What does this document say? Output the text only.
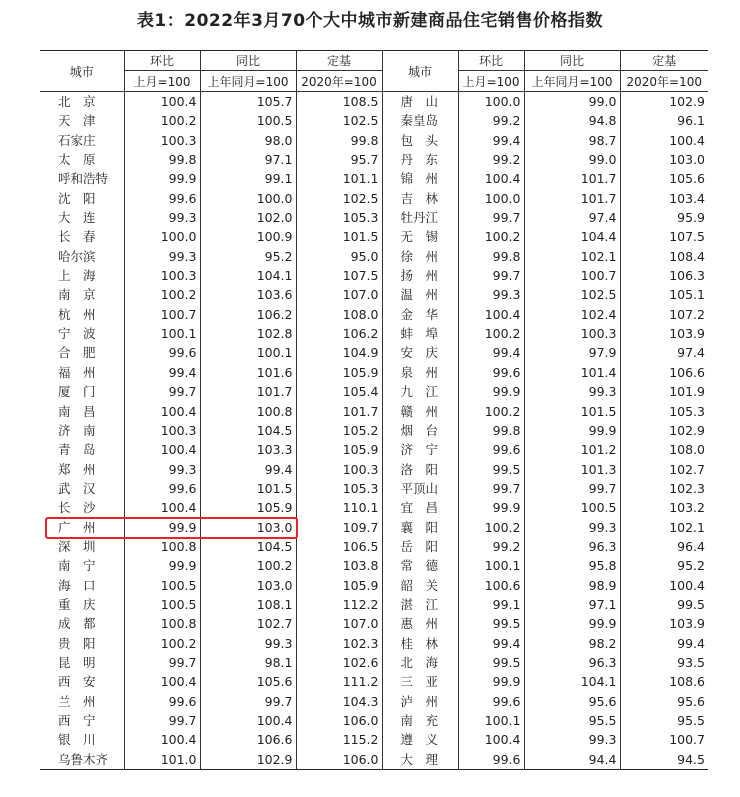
表1：2022年3月70个大中城市新建商品住宅销售价格指数
城市	环比	同比	定基	城市	环比	同比	定基
	上月=100	上年同月=100	2020年=100		上月=100	上年同月=100	2020年=100
北　京	100.4	105.7	108.5	唐　山	100.0	99.0	102.9
天　津	100.2	100.5	102.5	秦皇岛	99.2	94.8	96.1
石家庄	100.3	98.0	99.8	包　头	99.4	98.7	100.4
太　原	99.8	97.1	95.7	丹　东	99.2	99.0	103.0
呼和浩特	99.9	99.1	101.1	锦　州	100.4	101.7	105.6
沈　阳	99.6	100.0	102.5	吉　林	100.0	101.7	103.4
大　连	99.3	102.0	105.3	牡丹江	99.7	97.4	95.9
长　春	100.0	100.9	101.5	无　锡	100.2	104.4	107.5
哈尔滨	99.3	95.2	95.0	徐　州	99.8	102.1	108.4
上　海	100.3	104.1	107.5	扬　州	99.7	100.7	106.3
南　京	100.2	103.6	107.0	温　州	99.3	102.5	105.1
杭　州	100.7	106.2	108.0	金　华	100.4	102.4	107.2
宁　波	100.1	102.8	106.2	蚌　埠	100.2	100.3	103.9
合　肥	99.6	100.1	104.9	安　庆	99.4	97.9	97.4
福　州	99.4	101.6	105.9	泉　州	99.6	101.4	106.6
厦　门	99.7	101.7	105.4	九　江	99.9	99.3	101.9
南　昌	100.4	100.8	101.7	赣　州	100.2	101.5	105.3
济　南	100.3	104.5	105.2	烟　台	99.8	99.9	102.9
青　岛	100.4	103.3	105.9	济　宁	99.6	101.2	108.0
郑　州	99.3	99.4	100.3	洛　阳	99.5	101.3	102.7
武　汉	99.6	101.5	105.3	平顶山	99.7	99.7	102.3
长　沙	100.4	105.9	110.1	宜　昌	99.9	100.5	103.2
广　州	99.9	103.0	109.7	襄　阳	100.2	99.3	102.1
深　圳	100.8	104.5	106.5	岳　阳	99.2	96.3	96.4
南　宁	99.9	100.2	103.8	常　德	100.1	95.8	95.2
海　口	100.5	103.0	105.9	韶　关	100.6	98.9	100.4
重　庆	100.5	108.1	112.2	湛　江	99.1	97.1	99.5
成　都	100.8	102.7	107.0	惠　州	99.5	99.9	103.9
贵　阳	100.2	99.3	102.3	桂　林	99.4	98.2	99.4
昆　明	99.7	98.1	102.6	北　海	99.5	96.3	93.5
西　安	100.4	105.6	111.2	三　亚	99.9	104.1	108.6
兰　州	99.6	99.7	104.3	泸　州	99.6	95.6	95.6
西　宁	99.7	100.4	106.0	南　充	100.1	95.5	95.5
银　川	100.4	106.6	115.2	遵　义	100.4	99.3	100.7
乌鲁木齐	101.0	102.9	106.0	大　理	99.6	94.4	94.5
